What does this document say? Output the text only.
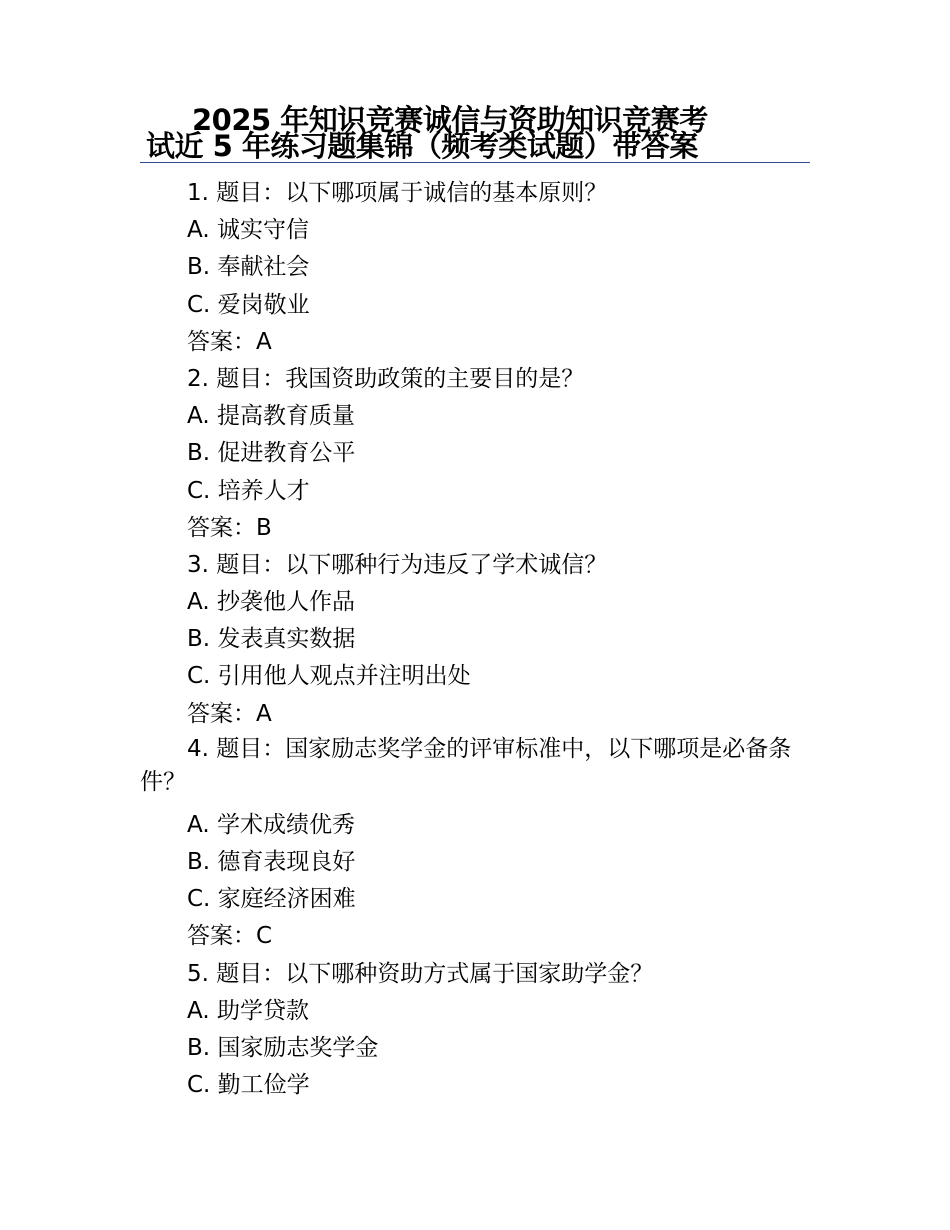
2025 年知识竞赛诚信与资助知识竞赛考
试近 5 年练习题集锦（频考类试题）带答案
1. 题目：以下哪项属于诚信的基本原则？
A. 诚实守信
B. 奉献社会
C. 爱岗敬业
答案：A
2. 题目：我国资助政策的主要目的是？
A. 提高教育质量
B. 促进教育公平
C. 培养人才
答案：B
3. 题目：以下哪种行为违反了学术诚信？
A. 抄袭他人作品
B. 发表真实数据
C. 引用他人观点并注明出处
答案：A
4. 题目：国家励志奖学金的评审标准中，以下哪项是必备条件？
A. 学术成绩优秀
B. 德育表现良好
C. 家庭经济困难
答案：C
5. 题目：以下哪种资助方式属于国家助学金？
A. 助学贷款
B. 国家励志奖学金
C. 勤工俭学
